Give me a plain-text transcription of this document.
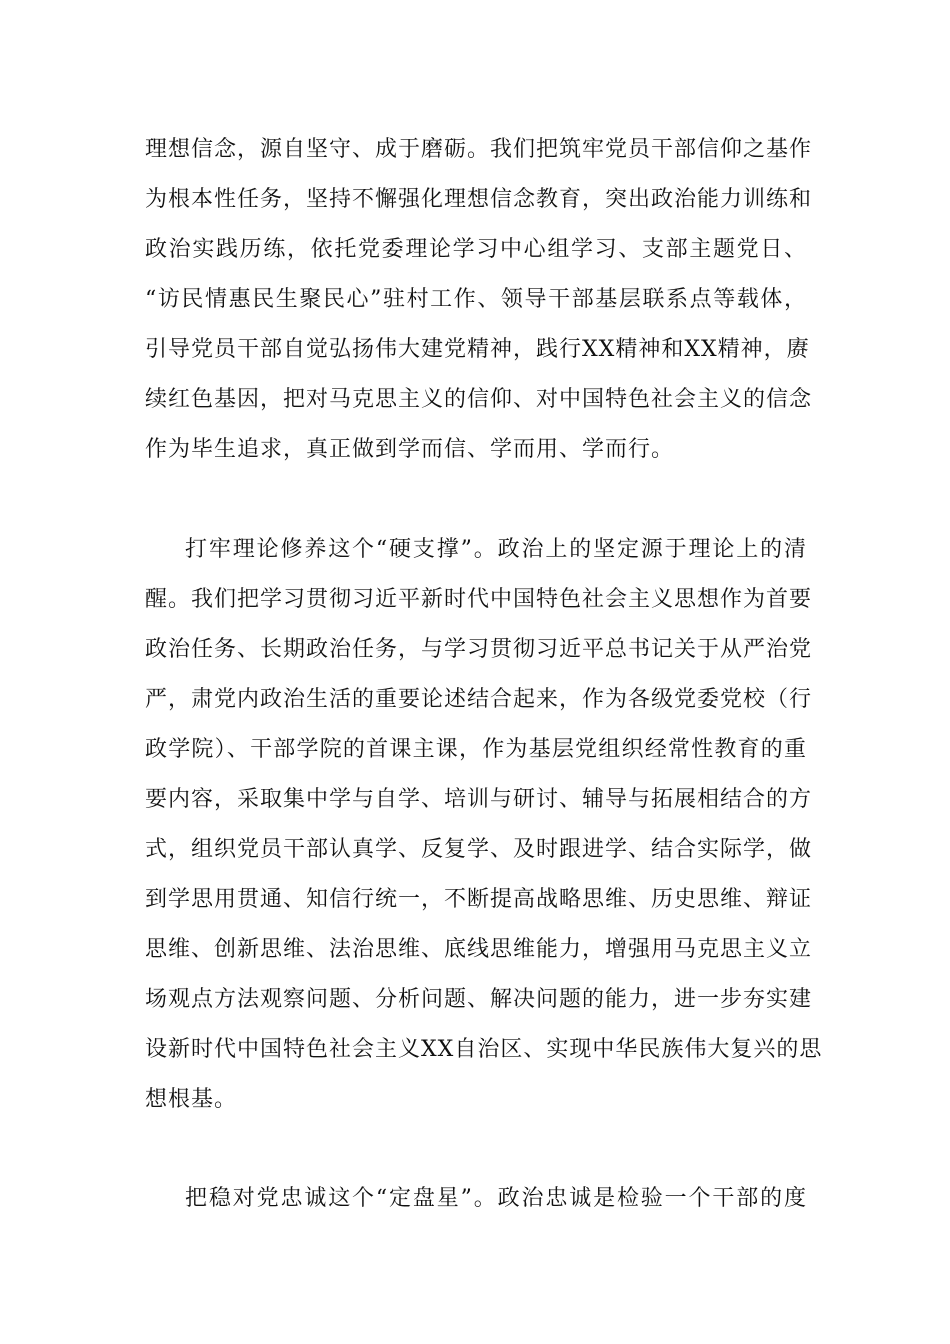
理想信念，源自坚守、成于磨砺。我们把筑牢党员干部信仰之基作
为根本性任务，坚持不懈强化理想信念教育，突出政治能力训练和
政治实践历练，依托党委理论学习中心组学习、支部主题党日、
“访民情惠民生聚民心”驻村工作、领导干部基层联系点等载体，
引导党员干部自觉弘扬伟大建党精神，践行XX精神和XX精神，赓
续红色基因，把对马克思主义的信仰、对中国特色社会主义的信念
作为毕生追求，真正做到学而信、学而用、学而行。
打牢理论修养这个“硬支撑”。政治上的坚定源于理论上的清
醒。我们把学习贯彻习近平新时代中国特色社会主义思想作为首要
政治任务、长期政治任务，与学习贯彻习近平总书记关于从严治党
严，肃党内政治生活的重要论述结合起来，作为各级党委党校（行
政学院）、干部学院的首课主课，作为基层党组织经常性教育的重
要内容，采取集中学与自学、培训与研讨、辅导与拓展相结合的方
式，组织党员干部认真学、反复学、及时跟进学、结合实际学，做
到学思用贯通、知信行统一，不断提高战略思维、历史思维、辩证
思维、创新思维、法治思维、底线思维能力，增强用马克思主义立
场观点方法观察问题、分析问题、解决问题的能力，进一步夯实建
设新时代中国特色社会主义XX自治区、实现中华民族伟大复兴的思
想根基。
把稳对党忠诚这个“定盘星”。政治忠诚是检验一个干部的度
